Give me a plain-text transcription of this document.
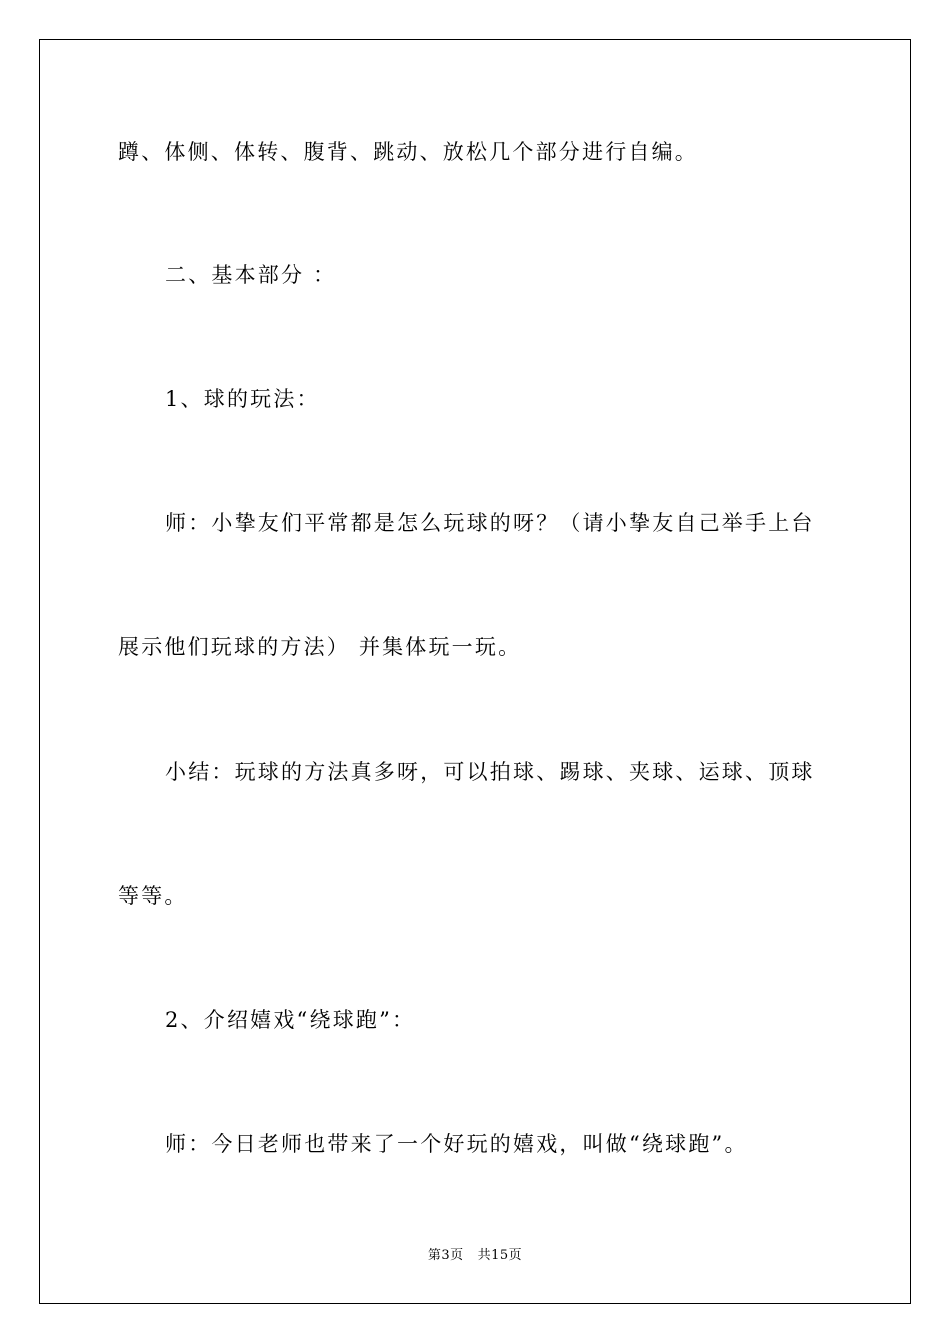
蹲、体侧、体转、腹背、跳动、放松几个部分进行自编。
二、基本部分 ：
1、球的玩法：
师：小挚友们平常都是怎么玩球的呀？（请小挚友自己举手上台
展示他们玩球的方法） 并集体玩一玩。
小结：玩球的方法真多呀，可以拍球、踢球、夹球、运球、顶球
等等。
2、介绍嬉戏“绕球跑”：
师：今日老师也带来了一个好玩的嬉戏，叫做“绕球跑”。
第3页 共15页
